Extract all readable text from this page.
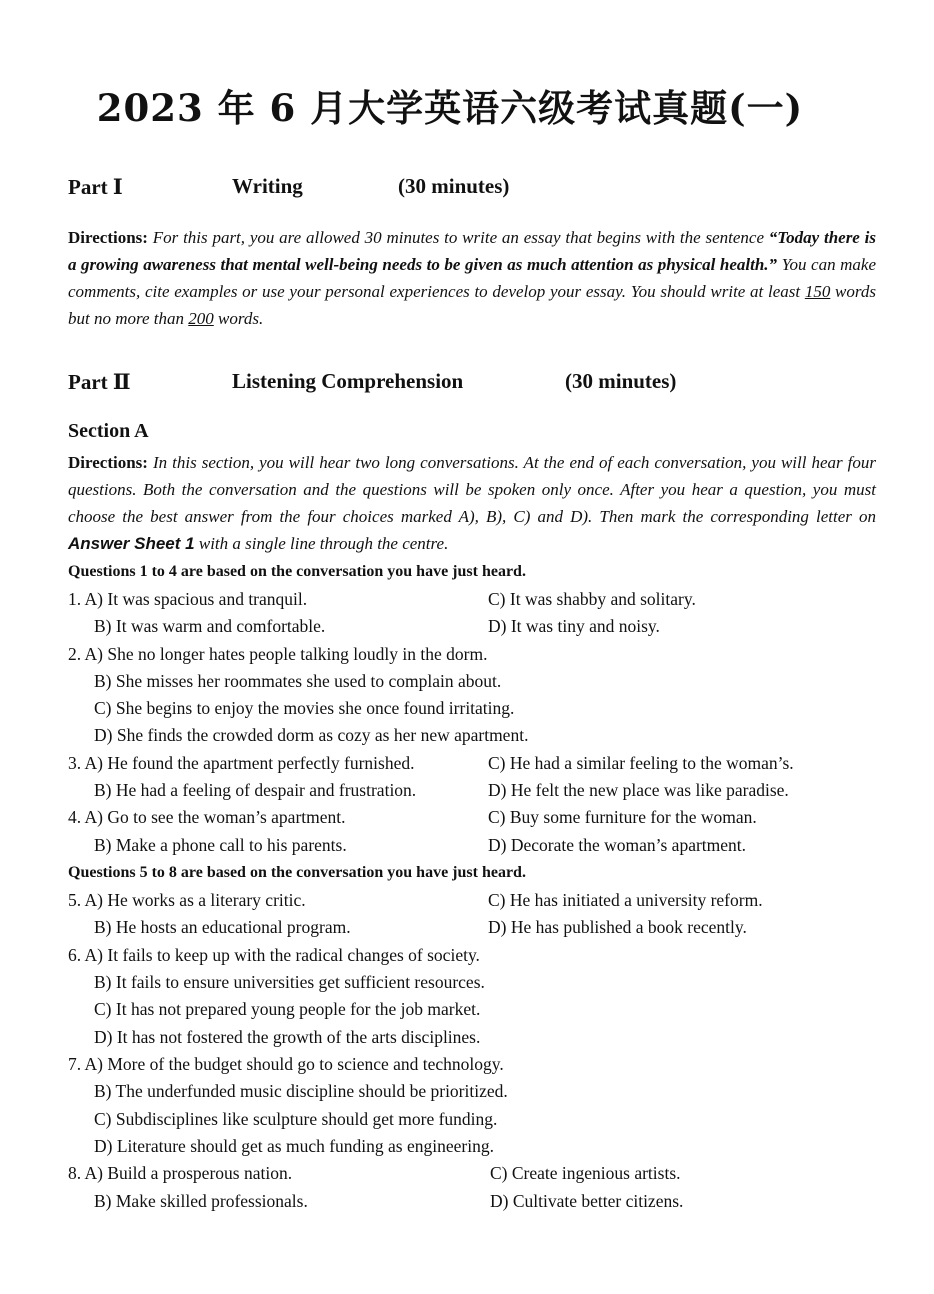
2023 年 6 月大学英语六级考试真题(一)
Part Ⅰ	Writing	(30 minutes)
Directions: For this part, you are allowed 30 minutes to write an essay that begins with the sentence “Today there is a growing awareness that mental well-being needs to be given as much attention as physical health.” You can make comments, cite examples or use your personal experiences to develop your essay. You should write at least 150 words but no more than 200 words.
Part Ⅱ	Listening Comprehension	(30 minutes)
Section A
Directions: In this section, you will hear two long conversations. At the end of each conversation, you will hear four questions. Both the conversation and the questions will be spoken only once. After you hear a question, you must choose the best answer from the four choices marked A), B), C) and D). Then mark the corresponding letter on Answer Sheet 1 with a single line through the centre.
Questions 1 to 4 are based on the conversation you have just heard.
1. A) It was spacious and tranquil.	C) It was shabby and solitary.
B) It was warm and comfortable.	D) It was tiny and noisy.
2. A) She no longer hates people talking loudly in the dorm.
B) She misses her roommates she used to complain about.
C) She begins to enjoy the movies she once found irritating.
D) She finds the crowded dorm as cozy as her new apartment.
3. A) He found the apartment perfectly furnished.	C) He had a similar feeling to the woman’s.
B) He had a feeling of despair and frustration.	D) He felt the new place was like paradise.
4. A) Go to see the woman’s apartment.	C) Buy some furniture for the woman.
B) Make a phone call to his parents.	D) Decorate the woman’s apartment.
Questions 5 to 8 are based on the conversation you have just heard.
5. A) He works as a literary critic.	C) He has initiated a university reform.
B) He hosts an educational program.	D) He has published a book recently.
6. A) It fails to keep up with the radical changes of society.
B) It fails to ensure universities get sufficient resources.
C) It has not prepared young people for the job market.
D) It has not fostered the growth of the arts disciplines.
7. A) More of the budget should go to science and technology.
B) The underfunded music discipline should be prioritized.
C) Subdisciplines like sculpture should get more funding.
D) Literature should get as much funding as engineering.
8. A) Build a prosperous nation.	C) Create ingenious artists.
B) Make skilled professionals.	D) Cultivate better citizens.
